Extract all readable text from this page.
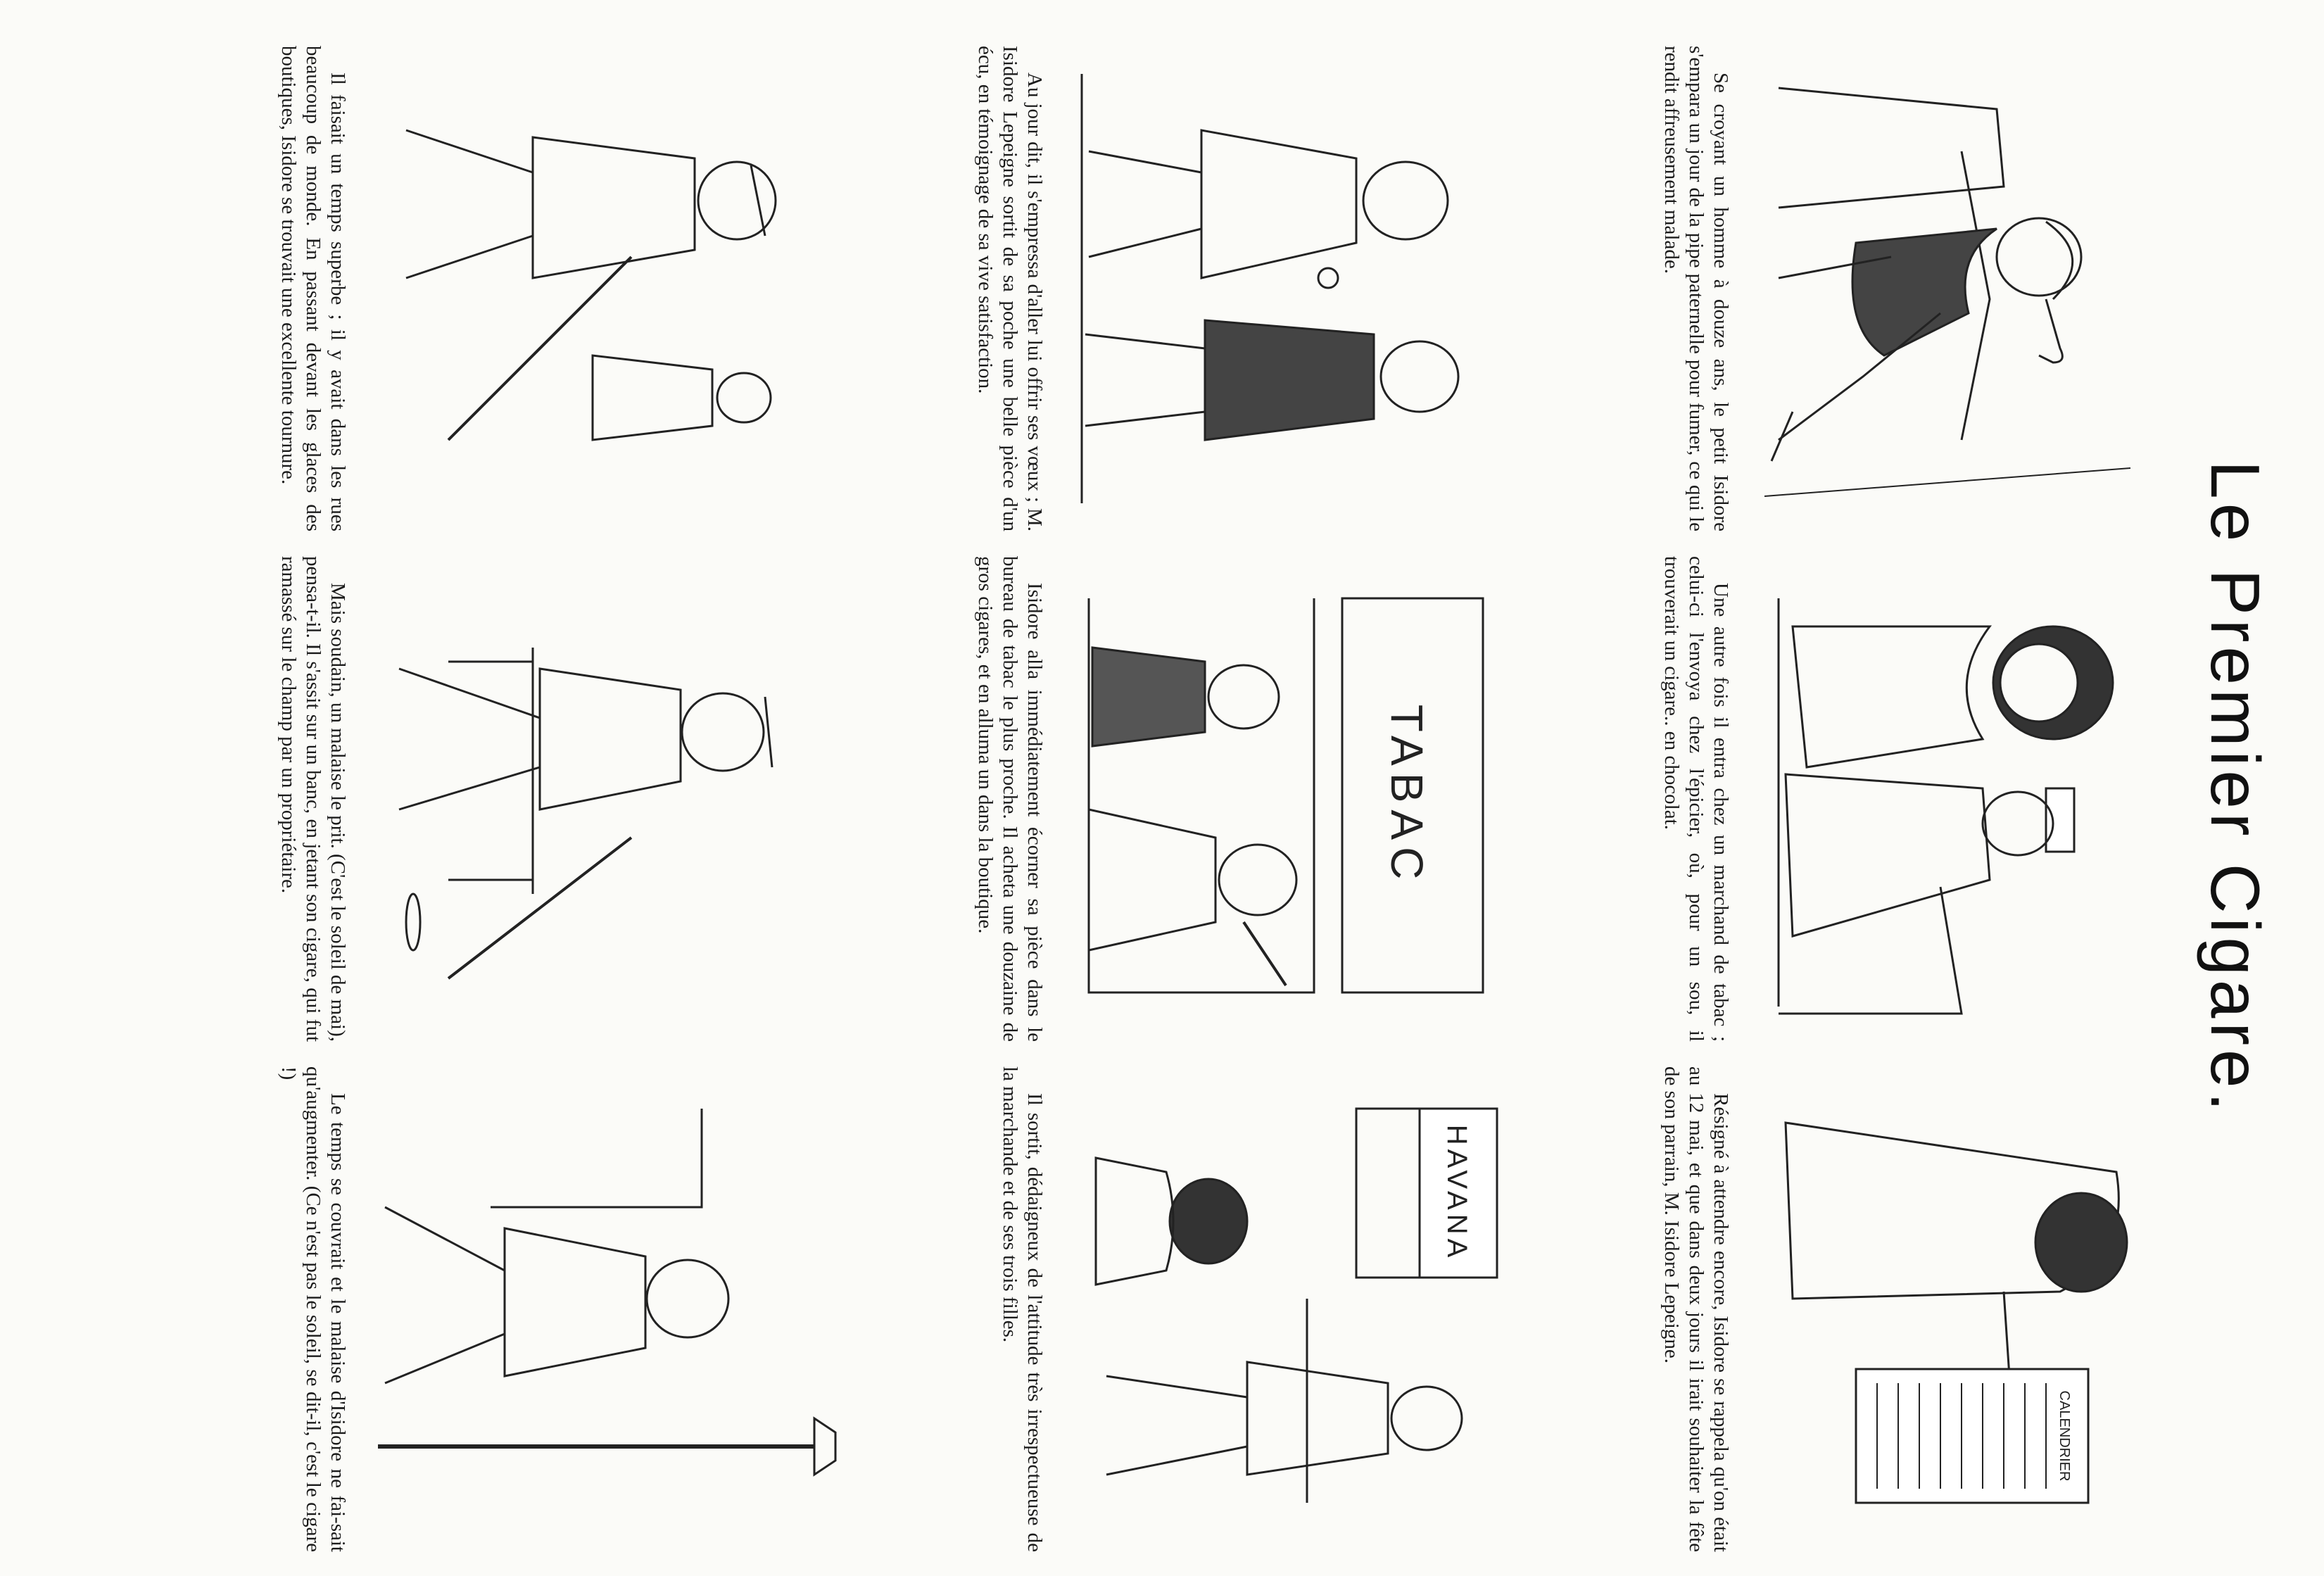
Le Premier Cigare.
Se croyant un homme à douze ans, le petit Isidore s'empara un jour de la pipe paternelle pour fumer, ce qui le rendit affreusement malade.
Une autre fois il entra chez un marchand de tabac ; celui-ci l'envoya chez l'épicier, où, pour un sou, il trouverait un cigare.. en chocolat.
CALENDRIER
Résigné à attendre encore, Isidore se rappela qu'on était au 12 mai, et que dans deux jours il irait souhaiter la fête de son parrain, M. Isidore Lepeigne.
Au jour dit, il s'empressa d'aller lui offrir ses vœux ; M. Isidore Lepeigne sortit de sa poche une belle pièce d'un écu, en témoignage de sa vive satisfaction.
TABAC
Isidore alla immédiatement écorner sa pièce dans le bureau de tabac le plus proche. Il acheta une douzaine de gros cigares, et en alluma un dans la boutique.
HAVANA
Il sortit, dédaigneux de l'attitude très irrespectueuse de la marchande et de ses trois filles.
Il faisait un temps superbe ; il y avait dans les rues beaucoup de monde. En passant devant les glaces des boutiques, Isidore se trouvait une excellente tournure.
Mais soudain, un malaise le prit. (C'est le soleil de mai), pensa-t-il. Il s'assit sur un banc, en jetant son cigare, qui fut ramassé sur le champ par un propriétaire.
Le temps se couvrait et le malaise d'Isidore ne fai-sait qu'augmenter. (Ce n'est pas le soleil, se dit-il, c'est le cigare !)
